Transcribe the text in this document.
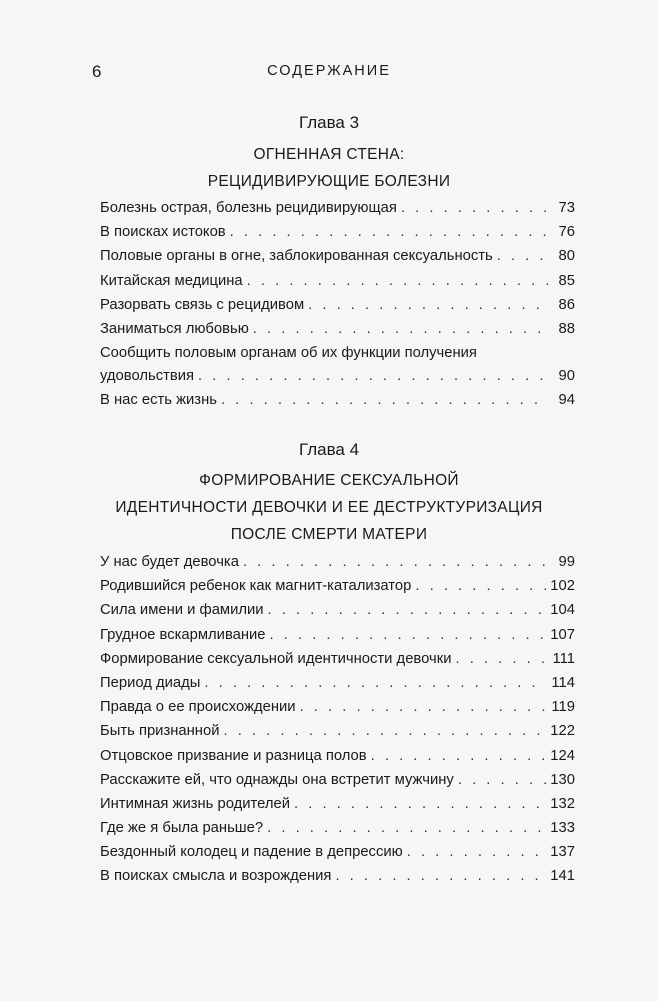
6	СОДЕРЖАНИЕ
Глава 3
ОГНЕННАЯ СТЕНА:
РЕЦИДИВИРУЮЩИЕ БОЛЕЗНИ
Болезнь острая, болезнь рецидивирующая . . .	73
В поисках истоков . . .	76
Половые органы в огне, заблокированная сексуальность . . .	80
Китайская медицина . . .	85
Разорвать связь с рецидивом . . .	86
Заниматься любовью . . .	88
Сообщить половым органам об их функции получения
удовольствия . . .	90
В нас есть жизнь . . .	94
Глава 4
ФОРМИРОВАНИЕ СЕКСУАЛЬНОЙ
ИДЕНТИЧНОСТИ ДЕВОЧКИ И ЕЕ ДЕСТРУКТУРИЗАЦИЯ
ПОСЛЕ СМЕРТИ МАТЕРИ
У нас будет девочка . . .	99
Родившийся ребенок как магнит-катализатор . . .	102
Сила имени и фамилии . . .	104
Грудное вскармливание . . .	107
Формирование сексуальной идентичности девочки . . .	111
Период диады . . .	114
Правда о ее происхождении . . .	119
Быть признанной . . .	122
Отцовское призвание и разница полов . . .	124
Расскажите ей, что однажды она встретит мужчину . . .	130
Интимная жизнь родителей . . .	132
Где же я была раньше? . . .	133
Бездонный колодец и падение в депрессию . . .	137
В поисках смысла и возрождения . . .	141
